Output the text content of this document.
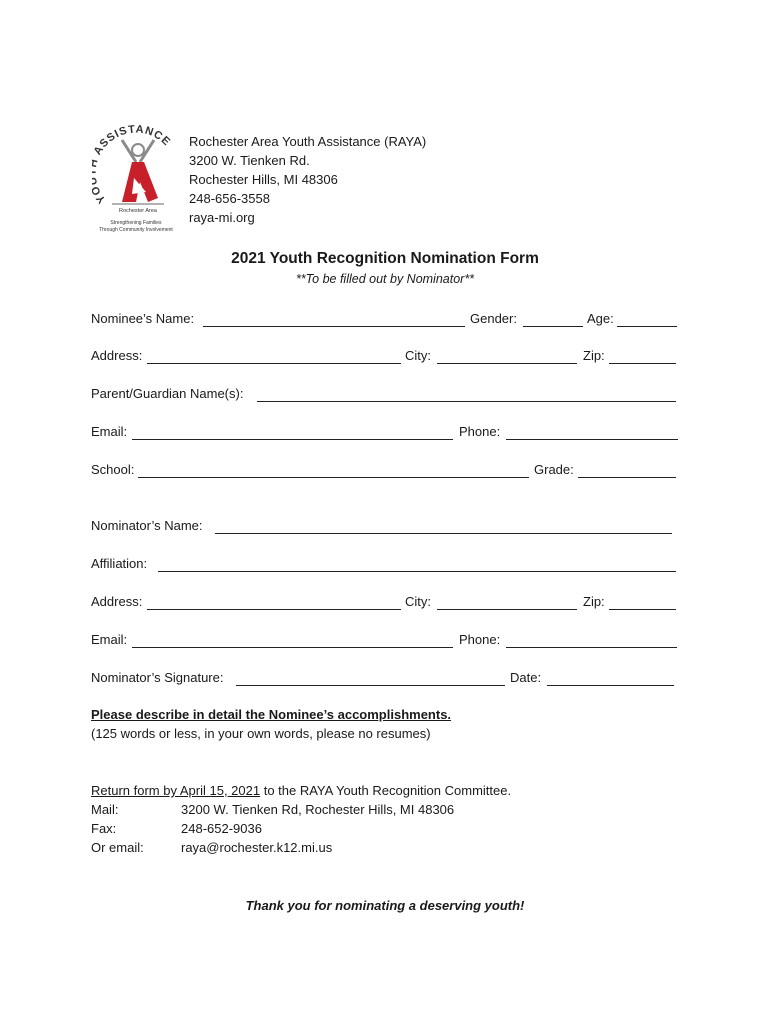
Y ASSISTANCE
Rochester Area
Strengthening Families
Through Community Involvement
Rochester Area Youth Assistance (RAYA)
3200 W. Tienken Rd.
Rochester Hills, MI 48306
248-656-3558
raya-mi.org
2021 Youth Recognition Nomination Form
**To be filled out by Nominator**
Nominee’s Name:	Gender:	Age:
Address:	City:	Zip:
Parent/Guardian Name(s):
Email:	Phone:
School:	Grade:
Nominator’s Name:
Affiliation:
Address:	City:	Zip:
Email:	Phone:
Nominator’s Signature:	Date:
Please describe in detail the Nominee’s accomplishments.
(125 words or less, in your own words, please no resumes)
Return form by April 15, 2021 to the RAYA Youth Recognition Committee.
Mail:	3200 W. Tienken Rd, Rochester Hills, MI 48306
Fax:	248-652-9036
Or email:	raya@rochester.k12.mi.us
Thank you for nominating a deserving youth!
